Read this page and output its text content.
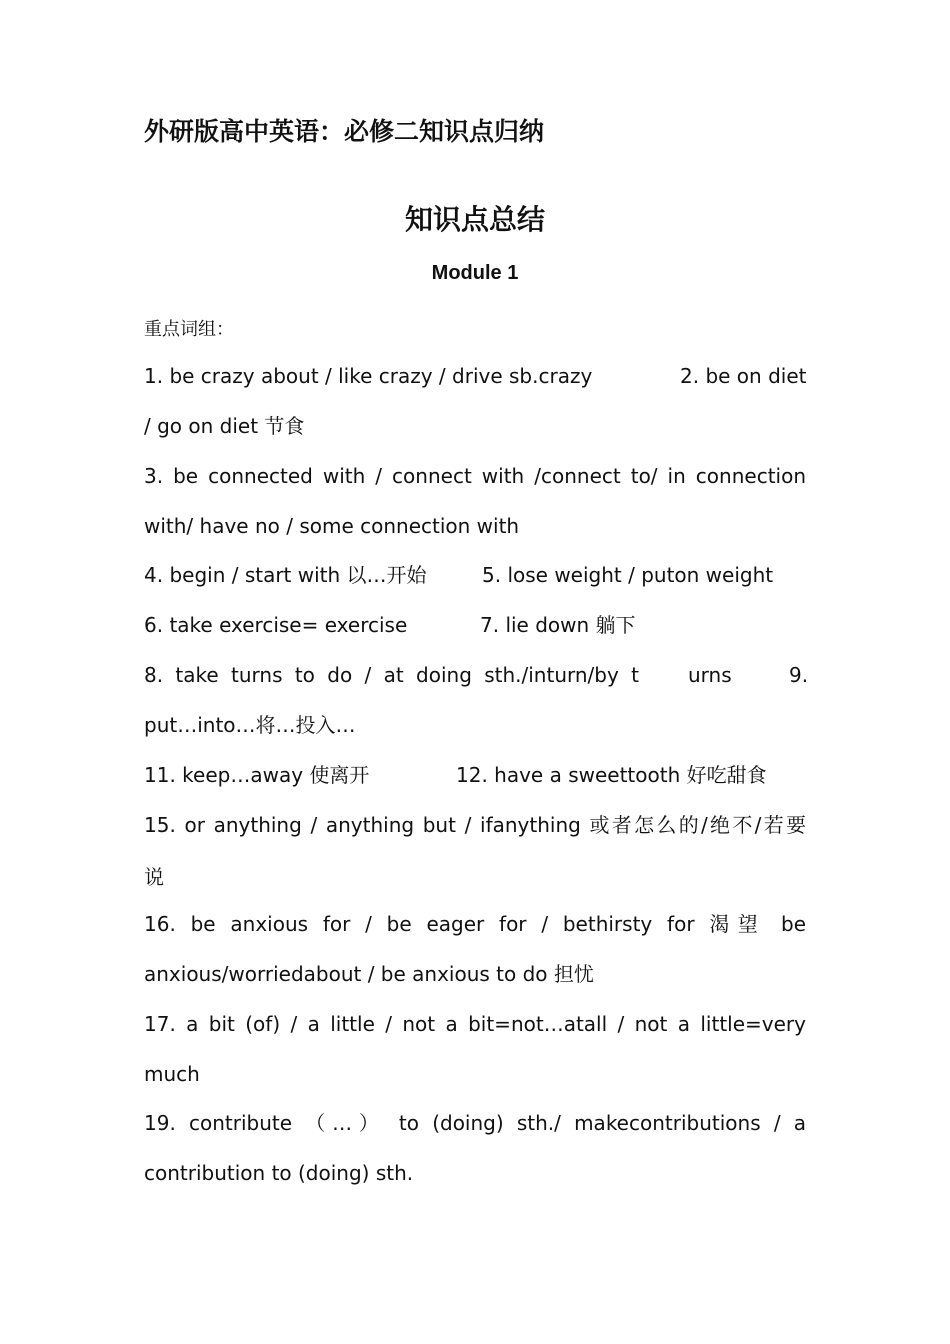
外研版高中英语：必修二知识点归纳
知识点总结
Module 1
重点词组：
1. be crazy about / like crazy / drive sb.crazy	2. be on diet
/ go on diet 节食
3. be connected with / connect with /connect to/ in connection
with/ have no / some connection with
4. begin / start with 以…开始	5. lose weight / puton weight
6. take exercise= exercise	7. lie down 躺下
8. take turns to do / at doing sth./inturn/by t urns	9.
put…into…将…投入…
11. keep…away 使离开	12. have a sweettooth 好吃甜食
15. or anything / anything but / ifanything 或者怎么的/绝不/若要
说
16. be anxious for / be eager for / bethirsty for 渴望 be
anxious/worriedabout / be anxious to do 担忧
17. a bit (of) / a little / not a bit=not…atall / not a little=very
much
19. contribute （…） to (doing) sth./ makecontributions / a
contribution to (doing) sth.
